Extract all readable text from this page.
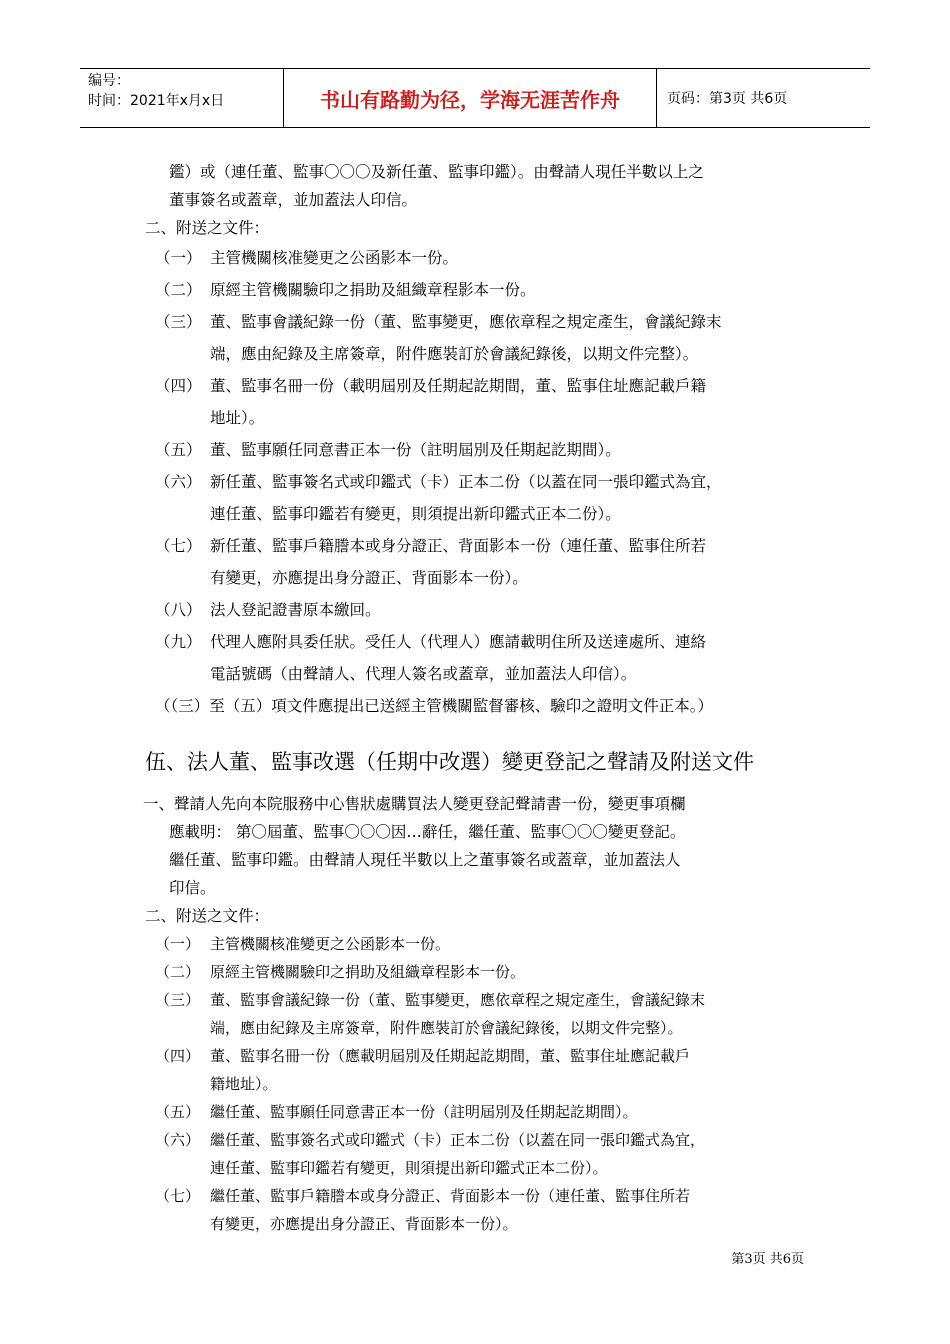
编号：
时间：2021年x月x日	书山有路勤为径，学海无涯苦作舟	页码：第3页 共6页

鑑）或（連任董、監事〇〇〇及新任董、監事印鑑）。由聲請人現任半數以上之

董事簽名或蓋章，並加蓋法人印信。

二、附送之文件：

（一） 主管機關核准變更之公函影本一份。
（二） 原經主管機關驗印之捐助及組織章程影本一份。
（三） 董、監事會議紀錄一份（董、監事變更，應依章程之規定產生，會議紀錄末
端，應由紀錄及主席簽章，附件應裝訂於會議紀錄後，以期文件完整）。
（四） 董、監事名冊一份（載明屆別及任期起訖期間，董、監事住址應記載戶籍
地址）。
（五） 董、監事願任同意書正本一份（註明屆別及任期起訖期間）。
（六） 新任董、監事簽名式或印鑑式（卡）正本二份（以蓋在同一張印鑑式為宜，
連任董、監事印鑑若有變更，則須提出新印鑑式正本二份）。
（七） 新任董、監事戶籍謄本或身分證正、背面影本一份（連任董、監事住所若
有變更，亦應提出身分證正、背面影本一份）。
（八） 法人登記證書原本繳回。
（九） 代理人應附具委任狀。受任人（代理人）應請載明住所及送達處所、連絡
電話號碼（由聲請人、代理人簽名或蓋章，並加蓋法人印信）。
（（三）至（五）項文件應提出已送經主管機關監督審核、驗印之證明文件正本。）
伍、法人董、監事改選（任期中改選）變更登記之聲請及附送文件

一、聲請人先向本院服務中心售狀處購買法人變更登記聲請書一份，變更事項欄

應載明： 第〇屆董、監事〇〇〇因…辭任，繼任董、監事〇〇〇變更登記。

繼任董、監事印鑑。由聲請人現任半數以上之董事簽名或蓋章，並加蓋法人

印信。

二、附送之文件：

（一） 主管機關核准變更之公函影本一份。
（二） 原經主管機關驗印之捐助及組織章程影本一份。
（三） 董、監事會議紀錄一份（董、監事變更，應依章程之規定產生，會議紀錄末
端，應由紀錄及主席簽章，附件應裝訂於會議紀錄後，以期文件完整）。
（四） 董、監事名冊一份（應載明屆別及任期起訖期間，董、監事住址應記載戶
籍地址）。
（五） 繼任董、監事願任同意書正本一份（註明屆別及任期起訖期間）。
（六） 繼任董、監事簽名式或印鑑式（卡）正本二份（以蓋在同一張印鑑式為宜，
連任董、監事印鑑若有變更，則須提出新印鑑式正本二份）。
（七） 繼任董、監事戶籍謄本或身分證正、背面影本一份（連任董、監事住所若
有變更，亦應提出身分證正、背面影本一份）。
第3页 共6页
